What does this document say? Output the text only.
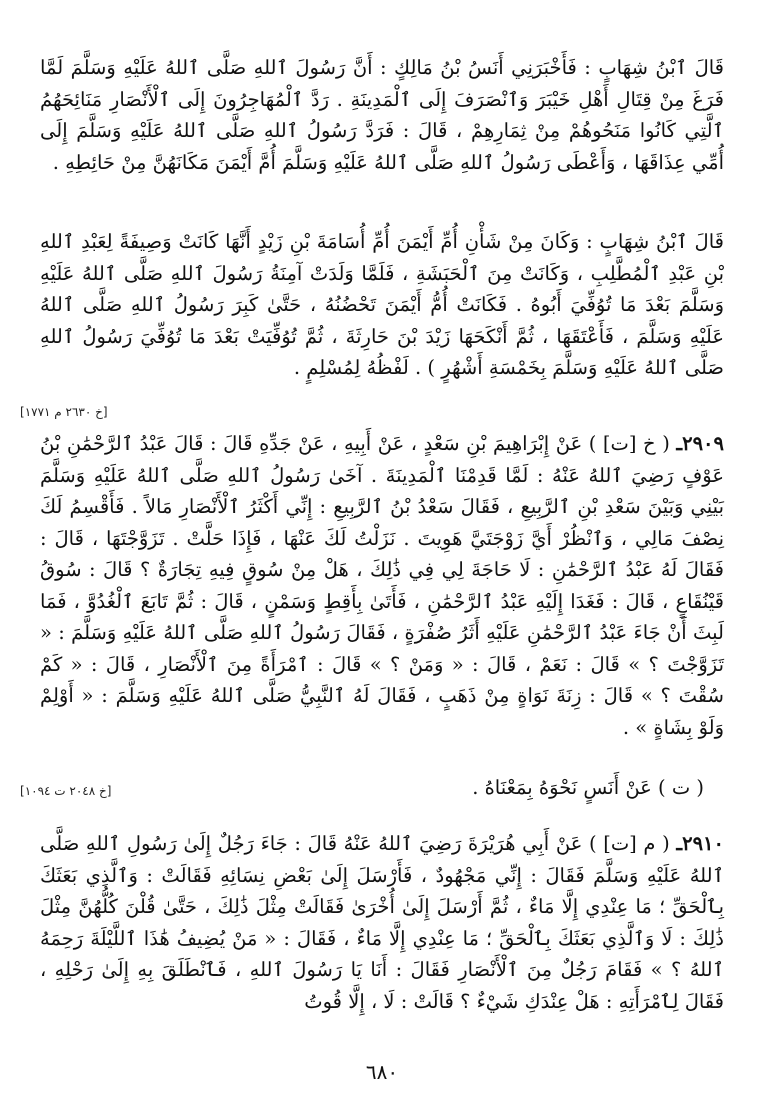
قَالَ ٱبْنُ شِهَابٍ : فَأَخْبَرَنِي أَنَسُ بْنُ مَالِكٍ : أَنَّ رَسُولَ ٱللهِ صَلَّى ٱللهُ عَلَيْهِ وَسَلَّمَ لَمَّا فَرَغَ مِنْ قِتَالِ أَهْلِ خَيْبَرَ وَٱنْصَرَفَ إِلَى ٱلْمَدِينَةِ . رَدَّ ٱلْمُهَاجِرُونَ إِلَى ٱلْأَنْصَارِ مَنَائِحَهُمُ ٱلَّتِي كَانُوا مَنَحُوهُمْ مِنْ ثِمَارِهِمْ ، قَالَ : فَرَدَّ رَسُولُ ٱللهِ صَلَّى ٱللهُ عَلَيْهِ وَسَلَّمَ إِلَى أُمِّي عِذَاقَهَا ، وَأَعْطَى رَسُولُ ٱللهِ صَلَّى ٱللهُ عَلَيْهِ وَسَلَّمَ أُمَّ أَيْمَنَ مَكَانَهُنَّ مِنْ حَائِطِهِ .
قَالَ ٱبْنُ شِهَابٍ : وَكَانَ مِنْ شَأْنِ أُمِّ أَيْمَنَ أُمِّ أُسَامَةَ بْنِ زَيْدٍ أَنَّهَا كَانَتْ وَصِيفَةً لِعَبْدِ ٱللهِ بْنِ عَبْدِ ٱلْمُطَّلِبِ ، وَكَانَتْ مِنَ ٱلْحَبَشَةِ ، فَلَمَّا وَلَدَتْ آمِنَةُ رَسُولَ ٱللهِ صَلَّى ٱللهُ عَلَيْهِ وَسَلَّمَ بَعْدَ مَا تُوُفِّيَ أَبُوهُ . فَكَانَتْ أُمُّ أَيْمَنَ تَحْضُنُهُ ، حَتَّىٰ كَبِرَ رَسُولُ ٱللهِ صَلَّى ٱللهُ عَلَيْهِ وَسَلَّمَ ، فَأَعْتَقَهَا ، ثُمَّ أَنْكَحَهَا زَيْدَ بْنَ حَارِثَةَ ، ثُمَّ تُوُفِّيَتْ بَعْدَ مَا تُوُفِّيَ رَسُولُ ٱللهِ صَلَّى ٱللهُ عَلَيْهِ وَسَلَّمَ بِخَمْسَةِ أَشْهُرٍ ) . لَفْظُهُ لِمُسْلِمٍ .
[خ ٢٦٣٠ م ١٧٧١]
٢٩٠٩ـ ( خ [ت] ) عَنْ إِبْرَاهِيمَ بْنِ سَعْدٍ ، عَنْ أَبِيهِ ، عَنْ جَدِّهِ قَالَ : قَالَ عَبْدُ ٱلرَّحْمَٰنِ بْنُ عَوْفٍ رَضِيَ ٱللهُ عَنْهُ : لَمَّا قَدِمْنَا ٱلْمَدِينَةَ . آخَىٰ رَسُولُ ٱللهِ صَلَّى ٱللهُ عَلَيْهِ وَسَلَّمَ بَيْنِي وَبَيْنَ سَعْدِ بْنِ ٱلرَّبِيعِ ، فَقَالَ سَعْدُ بْنُ ٱلرَّبِيعِ : إِنِّي أَكْثَرُ ٱلْأَنْصَارِ مَالاً . فَأَقْسِمُ لَكَ نِصْفَ مَالِي ، وَٱنْظُرْ أَيَّ زَوْجَتَيَّ هَوِيتَ . نَزَلْتُ لَكَ عَنْهَا ، فَإِذَا حَلَّتْ . تَزَوَّجْتَهَا ، قَالَ : فَقَالَ لَهُ عَبْدُ ٱلرَّحْمَٰنِ : لَا حَاجَةَ لِي فِي ذَٰلِكَ ، هَلْ مِنْ سُوقٍ فِيهِ تِجَارَةٌ ؟ قَالَ : سُوقُ قَيْنُقَاعٍ ، قَالَ : فَغَدَا إِلَيْهِ عَبْدُ ٱلرَّحْمَٰنِ ، فَأَتَىٰ بِأَقِطٍ وَسَمْنٍ ، قَالَ : ثُمَّ تَابَعَ ٱلْغُدُوَّ ، فَمَا لَبِثَ أَنْ جَاءَ عَبْدُ ٱلرَّحْمَٰنِ عَلَيْهِ أَثَرُ صُفْرَةٍ ، فَقَالَ رَسُولُ ٱللهِ صَلَّى ٱللهُ عَلَيْهِ وَسَلَّمَ : « تَزَوَّجْتَ ؟ » قَالَ : نَعَمْ ، قَالَ : « وَمَنْ ؟ » قَالَ : ٱمْرَأَةً مِنَ ٱلْأَنْصَارِ ، قَالَ : « كَمْ سُقْتَ ؟ » قَالَ : زِنَةَ نَوَاةٍ مِنْ ذَهَبٍ ، فَقَالَ لَهُ ٱلنَّبِيُّ صَلَّى ٱللهُ عَلَيْهِ وَسَلَّمَ : « أَوْلِمْ وَلَوْ بِشَاةٍ » .
( ت ) عَنْ أَنَسٍ نَحْوَهُ بِمَعْنَاهُ .
[خ ٢٠٤٨ ت ١٠٩٤]
٢٩١٠ـ ( م [ت] ) عَنْ أَبِي هُرَيْرَةَ رَضِيَ ٱللهُ عَنْهُ قَالَ : جَاءَ رَجُلٌ إِلَىٰ رَسُولِ ٱللهِ صَلَّى ٱللهُ عَلَيْهِ وَسَلَّمَ فَقَالَ : إِنِّي مَجْهُودٌ ، فَأَرْسَلَ إِلَىٰ بَعْضِ نِسَائِهِ فَقَالَتْ : وَٱلَّذِي بَعَثَكَ بِٱلْحَقِّ ؛ مَا عِنْدِي إِلَّا مَاءٌ ، ثُمَّ أَرْسَلَ إِلَىٰ أُخْرَىٰ فَقَالَتْ مِثْلَ ذَٰلِكَ ، حَتَّىٰ قُلْنَ كُلُّهُنَّ مِثْلَ ذَٰلِكَ : لَا وَٱلَّذِي بَعَثَكَ بِٱلْحَقِّ ؛ مَا عِنْدِي إِلَّا مَاءٌ ، فَقَالَ : « مَنْ يُضِيفُ هَٰذَا ٱللَّيْلَةَ رَحِمَهُ ٱللهُ ؟ » فَقَامَ رَجُلٌ مِنَ ٱلْأَنْصَارِ فَقَالَ : أَنَا يَا رَسُولَ ٱللهِ ، فَٱنْطَلَقَ بِهِ إِلَىٰ رَحْلِهِ ، فَقَالَ لِٱمْرَأَتِهِ : هَلْ عِنْدَكِ شَيْءٌ ؟ قَالَتْ : لَا ، إِلَّا قُوتُ
٦٨٠
